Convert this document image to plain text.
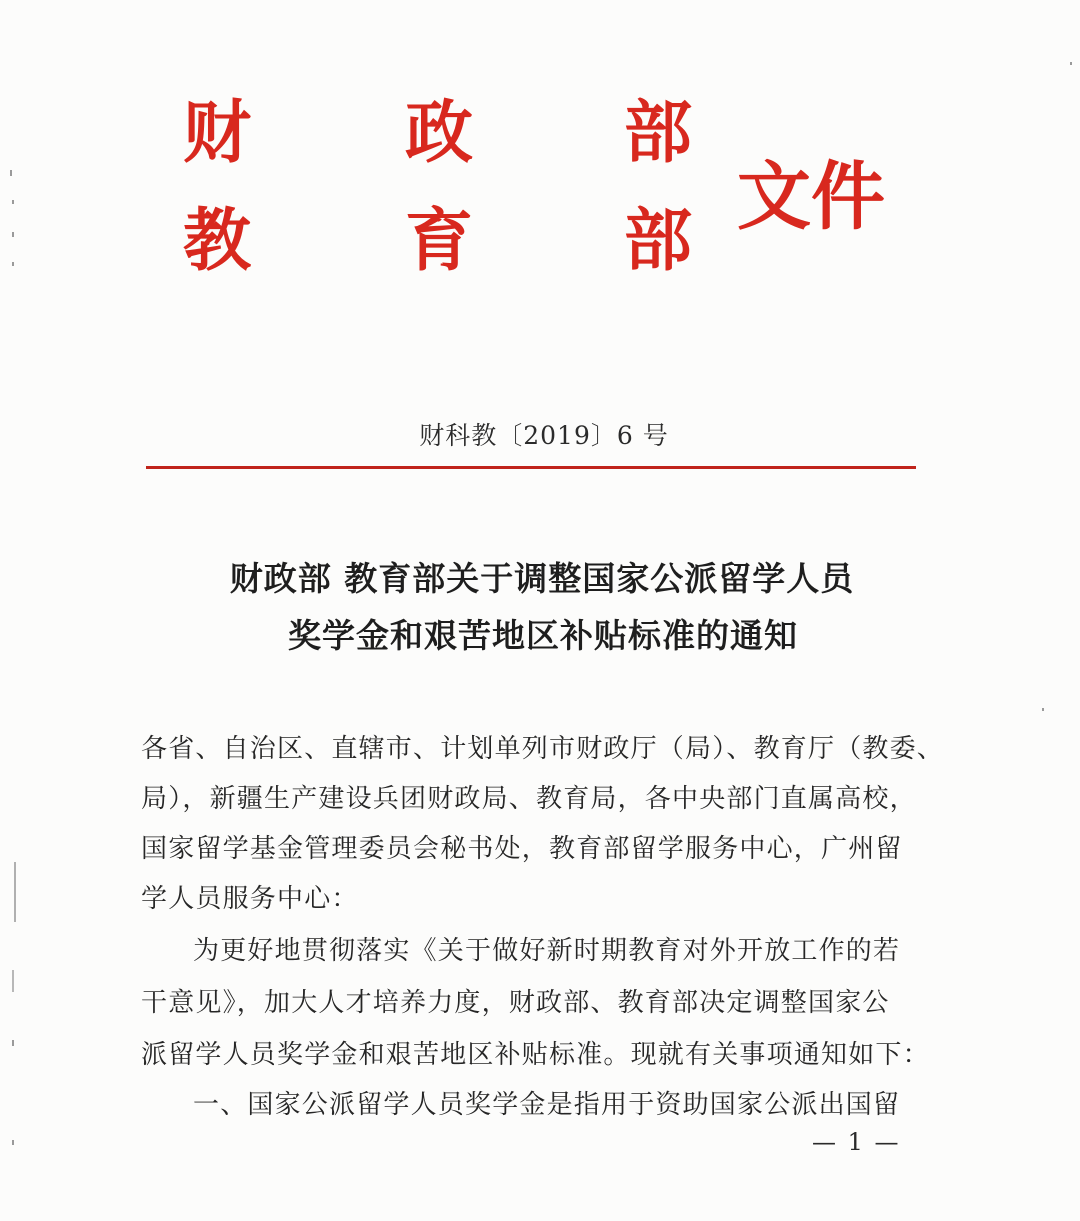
财 政 部
教 育 部
文件
财科教〔2019〕6 号
财政部 教育部关于调整国家公派留学人员
奖学金和艰苦地区补贴标准的通知
各省、自治区、直辖市、计划单列市财政厅（局）、教育厅（教委、
局），新疆生产建设兵团财政局、教育局，各中央部门直属高校，
国家留学基金管理委员会秘书处，教育部留学服务中心，广州留
学人员服务中心：
为更好地贯彻落实《关于做好新时期教育对外开放工作的若
干意见》，加大人才培养力度，财政部、教育部决定调整国家公
派留学人员奖学金和艰苦地区补贴标准。现就有关事项通知如下：
一、国家公派留学人员奖学金是指用于资助国家公派出国留
— 1 —
